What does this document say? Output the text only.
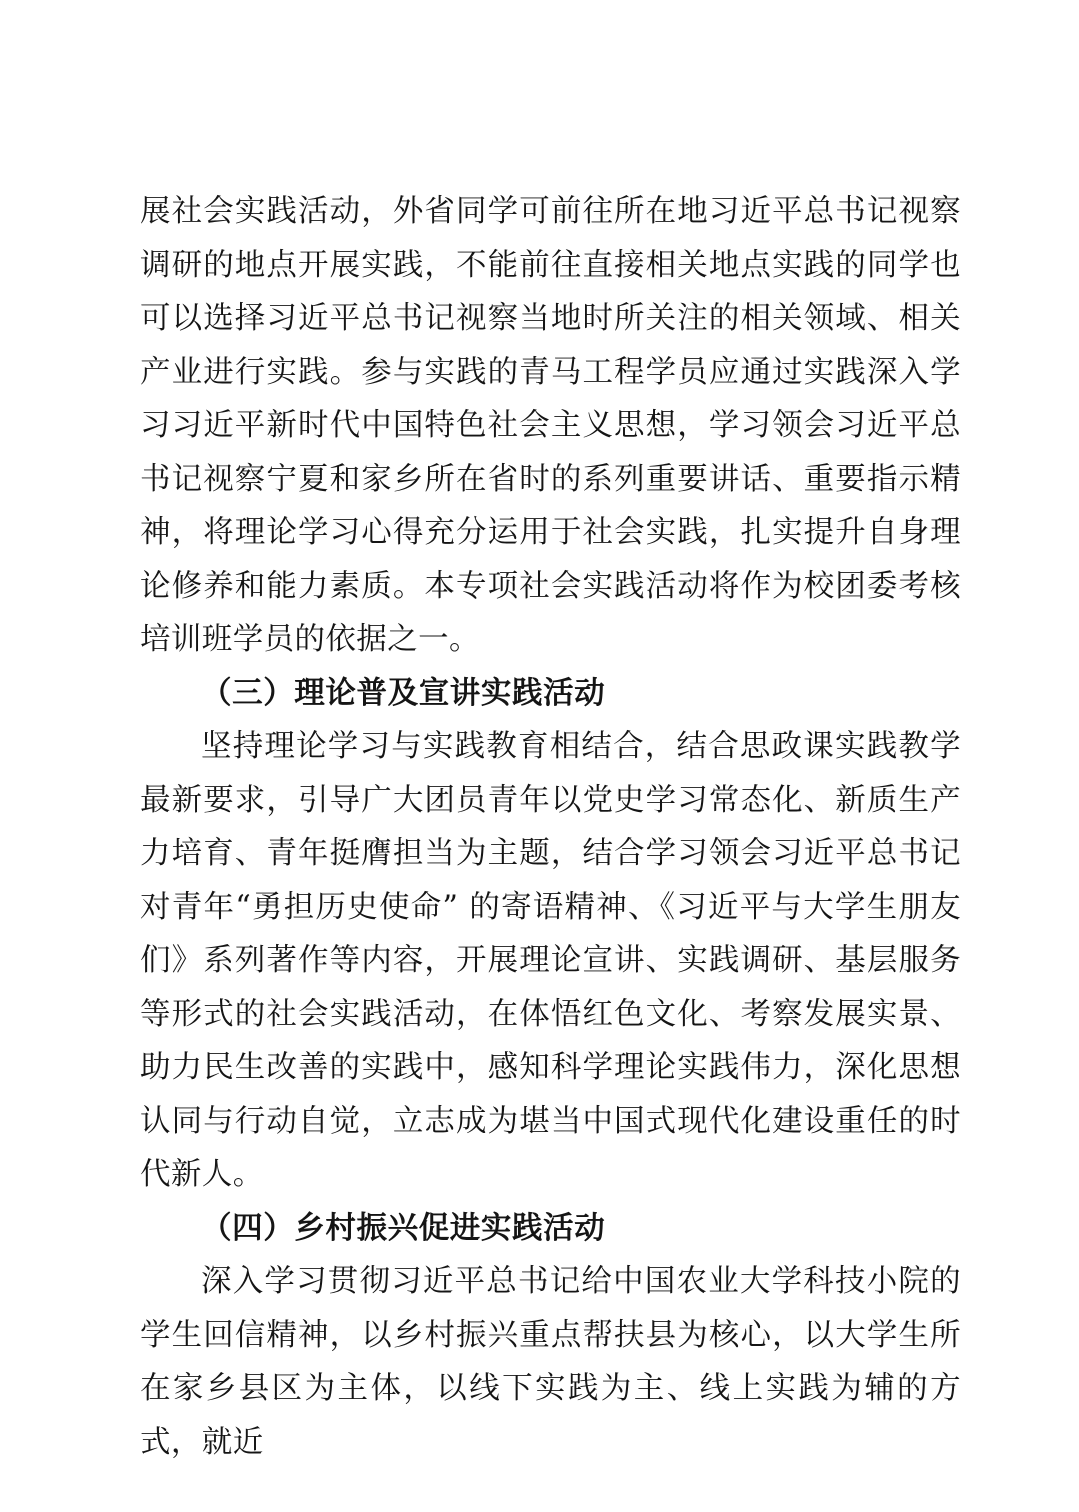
展社会实践活动，外省同学可前往所在地习近平总书记视察调研的地点开展实践，不能前往直接相关地点实践的同学也可以选择习近平总书记视察当地时所关注的相关领域、相关产业进行实践。参与实践的青马工程学员应通过实践深入学习习近平新时代中国特色社会主义思想，学习领会习近平总书记视察宁夏和家乡所在省时的系列重要讲话、重要指示精神，将理论学习心得充分运用于社会实践，扎实提升自身理论修养和能力素质。本专项社会实践活动将作为校团委考核培训班学员的依据之一。

（三）理论普及宣讲实践活动

坚持理论学习与实践教育相结合，结合思政课实践教学最新要求，引导广大团员青年以党史学习常态化、新质生产力培育、青年挺膺担当为主题，结合学习领会习近平总书记对青年“勇担历史使命” 的寄语精神、《习近平与大学生朋友们》系列著作等内容，开展理论宣讲、实践调研、基层服务等形式的社会实践活动，在体悟红色文化、考察发展实景、助力民生改善的实践中，感知科学理论实践伟力，深化思想认同与行动自觉，立志成为堪当中国式现代化建设重任的时代新人。

（四）乡村振兴促进实践活动

深入学习贯彻习近平总书记给中国农业大学科技小院的学生回信精神，以乡村振兴重点帮扶县为核心，以大学生所在家乡县区为主体，以线下实践为主、线上实践为辅的方式，就近
